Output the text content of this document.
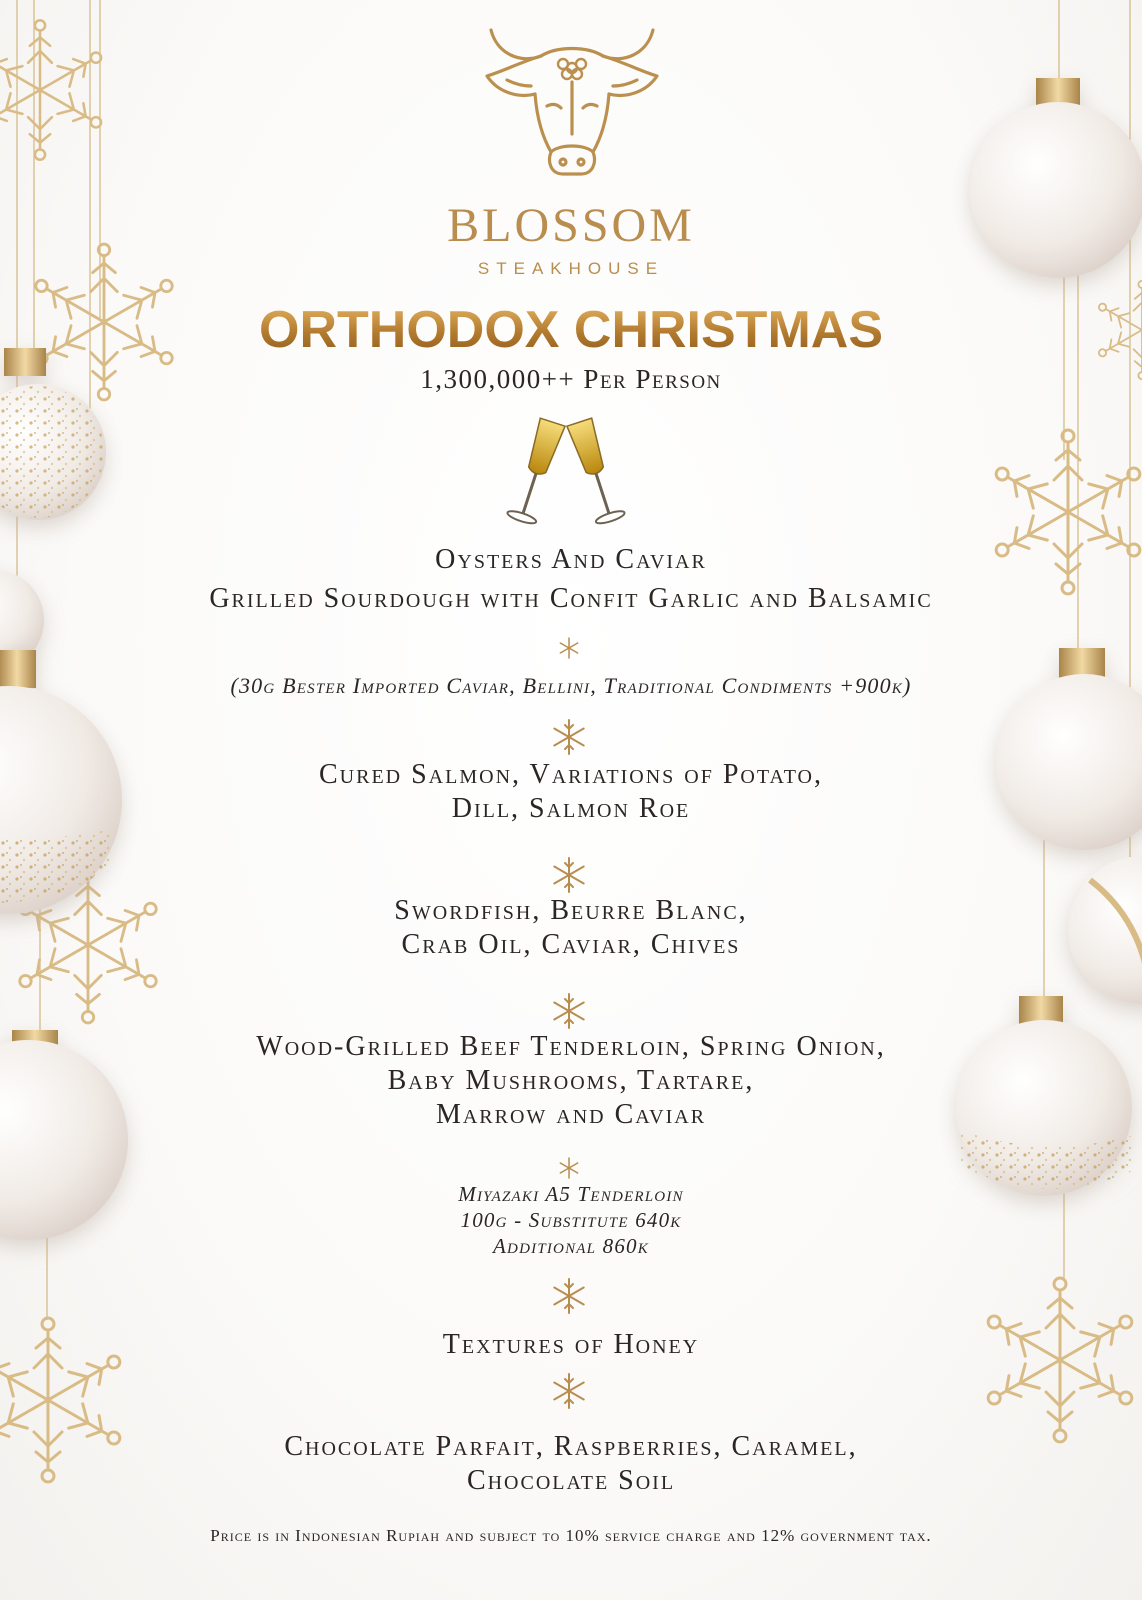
BLOSSOM

STEAKHOUSE

ORTHODOX CHRISTMAS

1,300,000++ Per Person

Oysters And Caviar
Grilled Sourdough with Confit Garlic and Balsamic

(30g Bester Imported Caviar, Bellini, Traditional Condiments +900k)

Cured Salmon, Variations of Potato,
Dill, Salmon Roe
Swordfish, Beurre Blanc,
Crab Oil, Caviar, Chives
Wood-Grilled Beef Tenderloin, Spring Onion,
Baby Mushrooms, Tartare,
Marrow and Caviar
Miyazaki A5 Tenderloin
100g - Substitute 640k
Additional 860k
Textures of Honey
Chocolate Parfait, Raspberries, Caramel,
Chocolate Soil

Price is in Indonesian Rupiah and subject to 10% service charge and 12% government tax.
